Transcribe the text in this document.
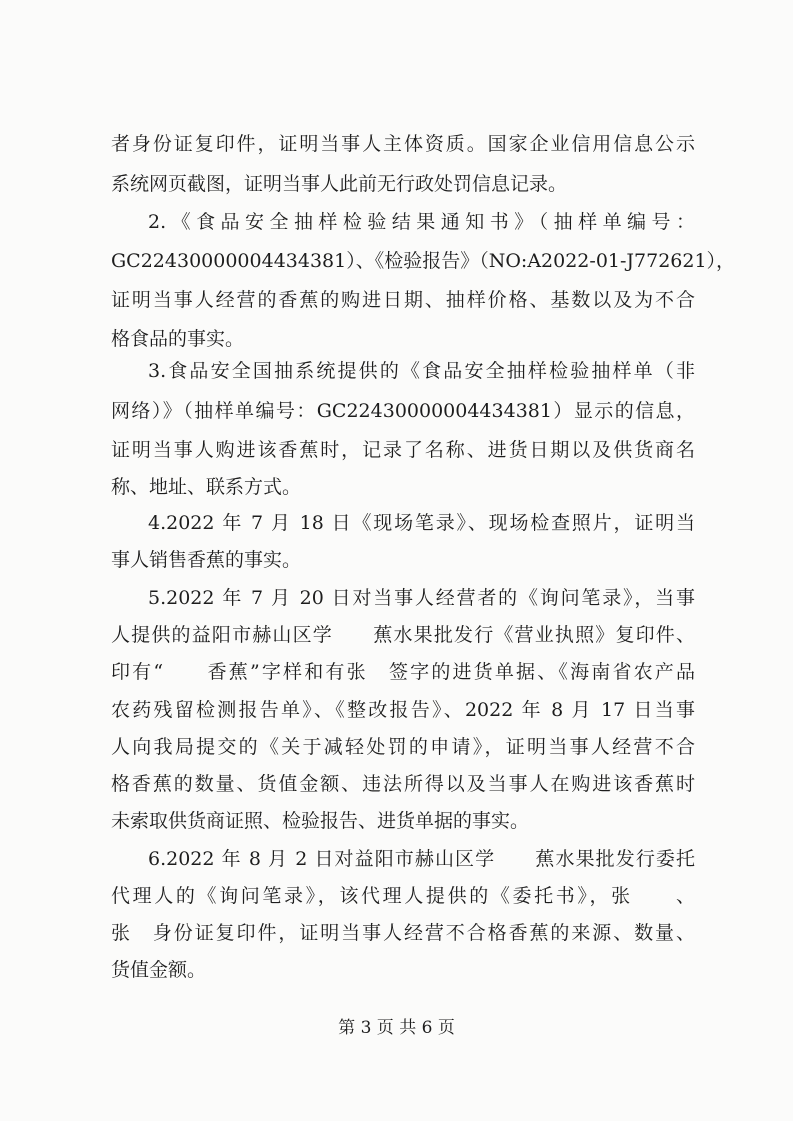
者身份证复印件，证明当事人主体资质。国家企业信用信息公示

系统网页截图，证明当事人此前无行政处罚信息记录。

2.《食品安全抽样检验结果通知书》（抽样单编号：

GC22430000004434381）、《检验报告》（NO:A2022-01-J772621），

证明当事人经营的香蕉的购进日期、抽样价格、基数以及为不合

格食品的事实。

3.食品安全国抽系统提供的《食品安全抽样检验抽样单（非

网络）》（抽样单编号：GC22430000004434381）显示的信息，

证明当事人购进该香蕉时，记录了名称、进货日期以及供货商名

称、地址、联系方式。

4.2022 年 7 月 18 日《现场笔录》、现场检查照片，证明当

事人销售香蕉的事实。

5.2022 年 7 月 20 日对当事人经营者的《询问笔录》，当事

人提供的益阳市赫山区学　　蕉水果批发行《营业执照》复印件、

印有“　　香蕉”字样和有张　签字的进货单据、《海南省农产品

农药残留检测报告单》、《整改报告》、2022 年 8 月 17 日当事

人向我局提交的《关于减轻处罚的申请》，证明当事人经营不合

格香蕉的数量、货值金额、违法所得以及当事人在购进该香蕉时

未索取供货商证照、检验报告、进货单据的事实。

6.2022 年 8 月 2 日对益阳市赫山区学　　蕉水果批发行委托

代理人的《询问笔录》，该代理人提供的《委托书》，张　　、

张　身份证复印件，证明当事人经营不合格香蕉的来源、数量、

货值金额。

第 3 页 共 6 页
